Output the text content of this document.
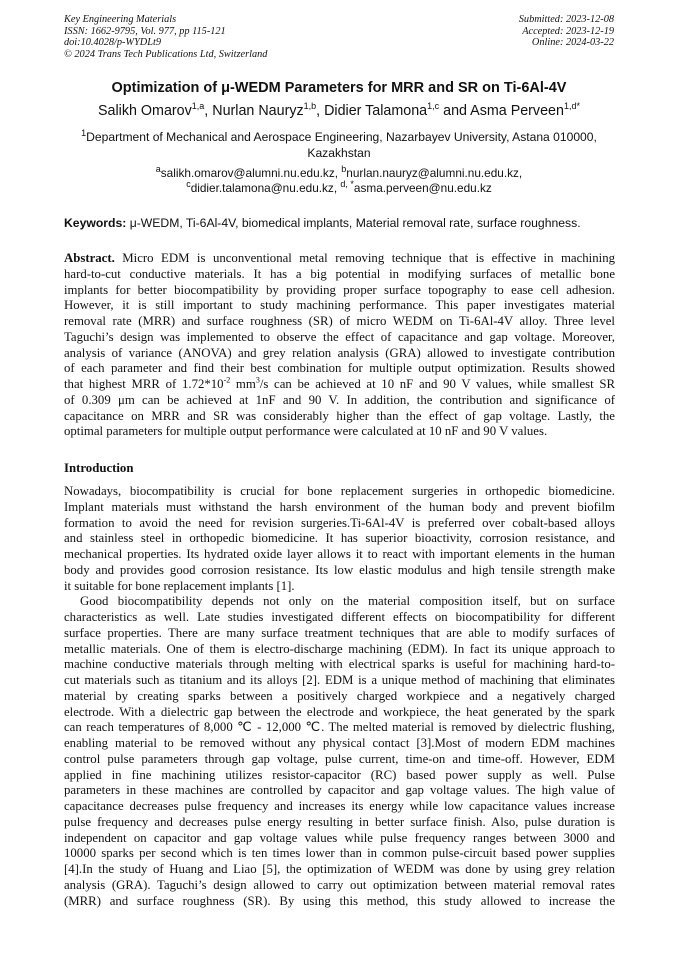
Key Engineering Materials
ISSN: 1662-9795, Vol. 977, pp 115-121
doi:10.4028/p-WYDLt9
© 2024 Trans Tech Publications Ltd, Switzerland
Submitted: 2023-12-08
Accepted: 2023-12-19
Online: 2024-03-22
Optimization of μ-WEDM Parameters for MRR and SR on Ti-6Al-4V
Salikh Omarov$^{1,a}$, Nurlan Nauryz$^{1,b}$, Didier Talamona$^{1,c}$ and Asma Perveen$^{1,d*}$
$^1$Department of Mechanical and Aerospace Engineering, Nazarbayev University, Astana 010000, Kazakhstan
$^a$salikh.omarov@alumni.nu.edu.kz, $^b$nurlan.nauryz@alumni.nu.edu.kz,
$^c$didier.talamona@nu.edu.kz, $^{d, *}$asma.perveen@nu.edu.kz
Keywords: μ-WEDM, Ti-6Al-4V, biomedical implants, Material removal rate, surface roughness.
Abstract. Micro EDM is unconventional metal removing technique that is effective in machining
hard-to-cut conductive materials. It has a big potential in modifying surfaces of metallic bone
implants for better biocompatibility by providing proper surface topography to ease cell adhesion.
However, it is still important to study machining performance. This paper investigates material
removal rate (MRR) and surface roughness (SR) of micro WEDM on Ti-6Al-4V alloy. Three level
Taguchi’s design was implemented to observe the effect of capacitance and gap voltage. Moreover,
analysis of variance (ANOVA) and grey relation analysis (GRA) allowed to investigate contribution
of each parameter and find their best combination for multiple output optimization. Results showed
that highest MRR of $1.72*10^{-2}$ $mm^3/s$ can be achieved at 10 nF and 90 V values, while smallest SR
of 0.309 μm can be achieved at 1nF and 90 V. In addition, the contribution and significance of
capacitance on MRR and SR was considerably higher than the effect of gap voltage. Lastly, the
optimal parameters for multiple output performance were calculated at 10 nF and 90 V values.
Introduction
Nowadays, biocompatibility is crucial for bone replacement surgeries in orthopedic biomedicine.
Implant materials must withstand the harsh environment of the human body and prevent biofilm
formation to avoid the need for revision surgeries.Ti-6Al-4V is preferred over cobalt-based alloys
and stainless steel in orthopedic biomedicine. It has superior bioactivity, corrosion resistance, and
mechanical properties. Its hydrated oxide layer allows it to react with important elements in the human
body and provides good corrosion resistance. Its low elastic modulus and high tensile strength make
it suitable for bone replacement implants [1].
Good biocompatibility depends not only on the material composition itself, but on surface
characteristics as well. Late studies investigated different effects on biocompatibility for different
surface properties. There are many surface treatment techniques that are able to modify surfaces of
metallic materials. One of them is electro-discharge machining (EDM). In fact its unique approach to
machine conductive materials through melting with electrical sparks is useful for machining hard-to-
cut materials such as titanium and its alloys [2]. EDM is a unique method of machining that eliminates
material by creating sparks between a positively charged workpiece and a negatively charged
electrode. With a dielectric gap between the electrode and workpiece, the heat generated by the spark
can reach temperatures of 8,000 ℃ - 12,000 ℃. The melted material is removed by dielectric flushing,
enabling material to be removed without any physical contact [3].Most of modern EDM machines
control pulse parameters through gap voltage, pulse current, time-on and time-off. However, EDM
applied in fine machining utilizes resistor-capacitor (RC) based power supply as well. Pulse
parameters in these machines are controlled by capacitor and gap voltage values. The high value of
capacitance decreases pulse frequency and increases its energy while low capacitance values increase
pulse frequency and decreases pulse energy resulting in better surface finish. Also, pulse duration is
independent on capacitor and gap voltage values while pulse frequency ranges between 3000 and
10000 sparks per second which is ten times lower than in common pulse-circuit based power supplies
[4].In the study of Huang and Liao [5], the optimization of WEDM was done by using grey relation
analysis (GRA). Taguchi’s design allowed to carry out optimization between material removal rates
(MRR) and surface roughness (SR). By using this method, this study allowed to increase the
